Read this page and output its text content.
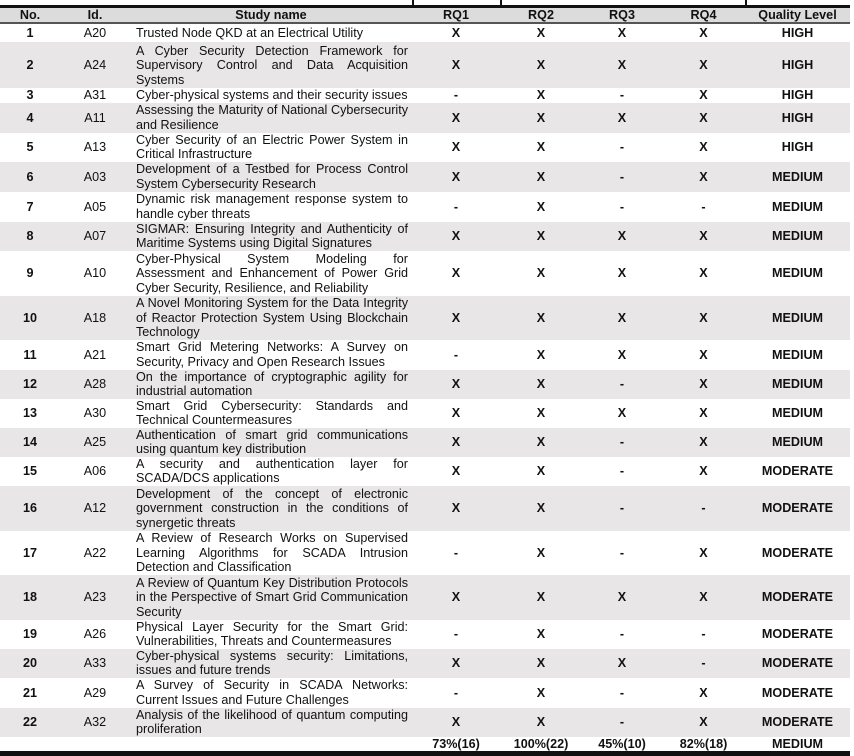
No.	Id.	Study name	RQ1	RQ2	RQ3	RQ4	Quality Level
1	A20	Trusted Node QKD at an Electrical Utility	X	X	X	X	HIGH
2	A24	A Cyber Security Detection Framework for Supervisory Control and Data Acquisition Systems	X	X	X	X	HIGH
3	A31	Cyber-physical systems and their security issues	-	X	-	X	HIGH
4	A11	Assessing the Maturity of National Cybersecurity and Resilience	X	X	X	X	HIGH
5	A13	Cyber Security of an Electric Power System in Critical Infrastructure	X	X	-	X	HIGH
6	A03	Development of a Testbed for Process Control System Cybersecurity Research	X	X	-	X	MEDIUM
7	A05	Dynamic risk management response system to handle cyber threats	-	X	-	-	MEDIUM
8	A07	SIGMAR: Ensuring Integrity and Authenticity of Maritime Systems using Digital Signatures	X	X	X	X	MEDIUM
9	A10	Cyber-Physical System Modeling for Assessment and Enhancement of Power Grid Cyber Security, Resilience, and Reliability	X	X	X	X	MEDIUM
10	A18	A Novel Monitoring System for the Data Integrity of Reactor Protection System Using Blockchain Technology	X	X	X	X	MEDIUM
11	A21	Smart Grid Metering Networks: A Survey on Security, Privacy and Open Research Issues	-	X	X	X	MEDIUM
12	A28	On the importance of cryptographic agility for industrial automation	X	X	-	X	MEDIUM
13	A30	Smart Grid Cybersecurity: Standards and Technical Countermeasures	X	X	X	X	MEDIUM
14	A25	Authentication of smart grid communications using quantum key distribution	X	X	-	X	MEDIUM
15	A06	A security and authentication layer for SCADA/DCS applications	X	X	-	X	MODERATE
16	A12	Development of the concept of electronic government construction in the conditions of synergetic threats	X	X	-	-	MODERATE
17	A22	A Review of Research Works on Supervised Learning Algorithms for SCADA Intrusion Detection and Classification	-	X	-	X	MODERATE
18	A23	A Review of Quantum Key Distribution Protocols in the Perspective of Smart Grid Communication Security	X	X	X	X	MODERATE
19	A26	Physical Layer Security for the Smart Grid: Vulnerabilities, Threats and Countermeasures	-	X	-	-	MODERATE
20	A33	Cyber-physical systems security: Limitations, issues and future trends	X	X	X	-	MODERATE
21	A29	A Survey of Security in SCADA Networks: Current Issues and Future Challenges	-	X	-	X	MODERATE
22	A32	Analysis of the likelihood of quantum computing proliferation	X	X	-	X	MODERATE
			73%(16)	100%(22)	45%(10)	82%(18)	MEDIUM
